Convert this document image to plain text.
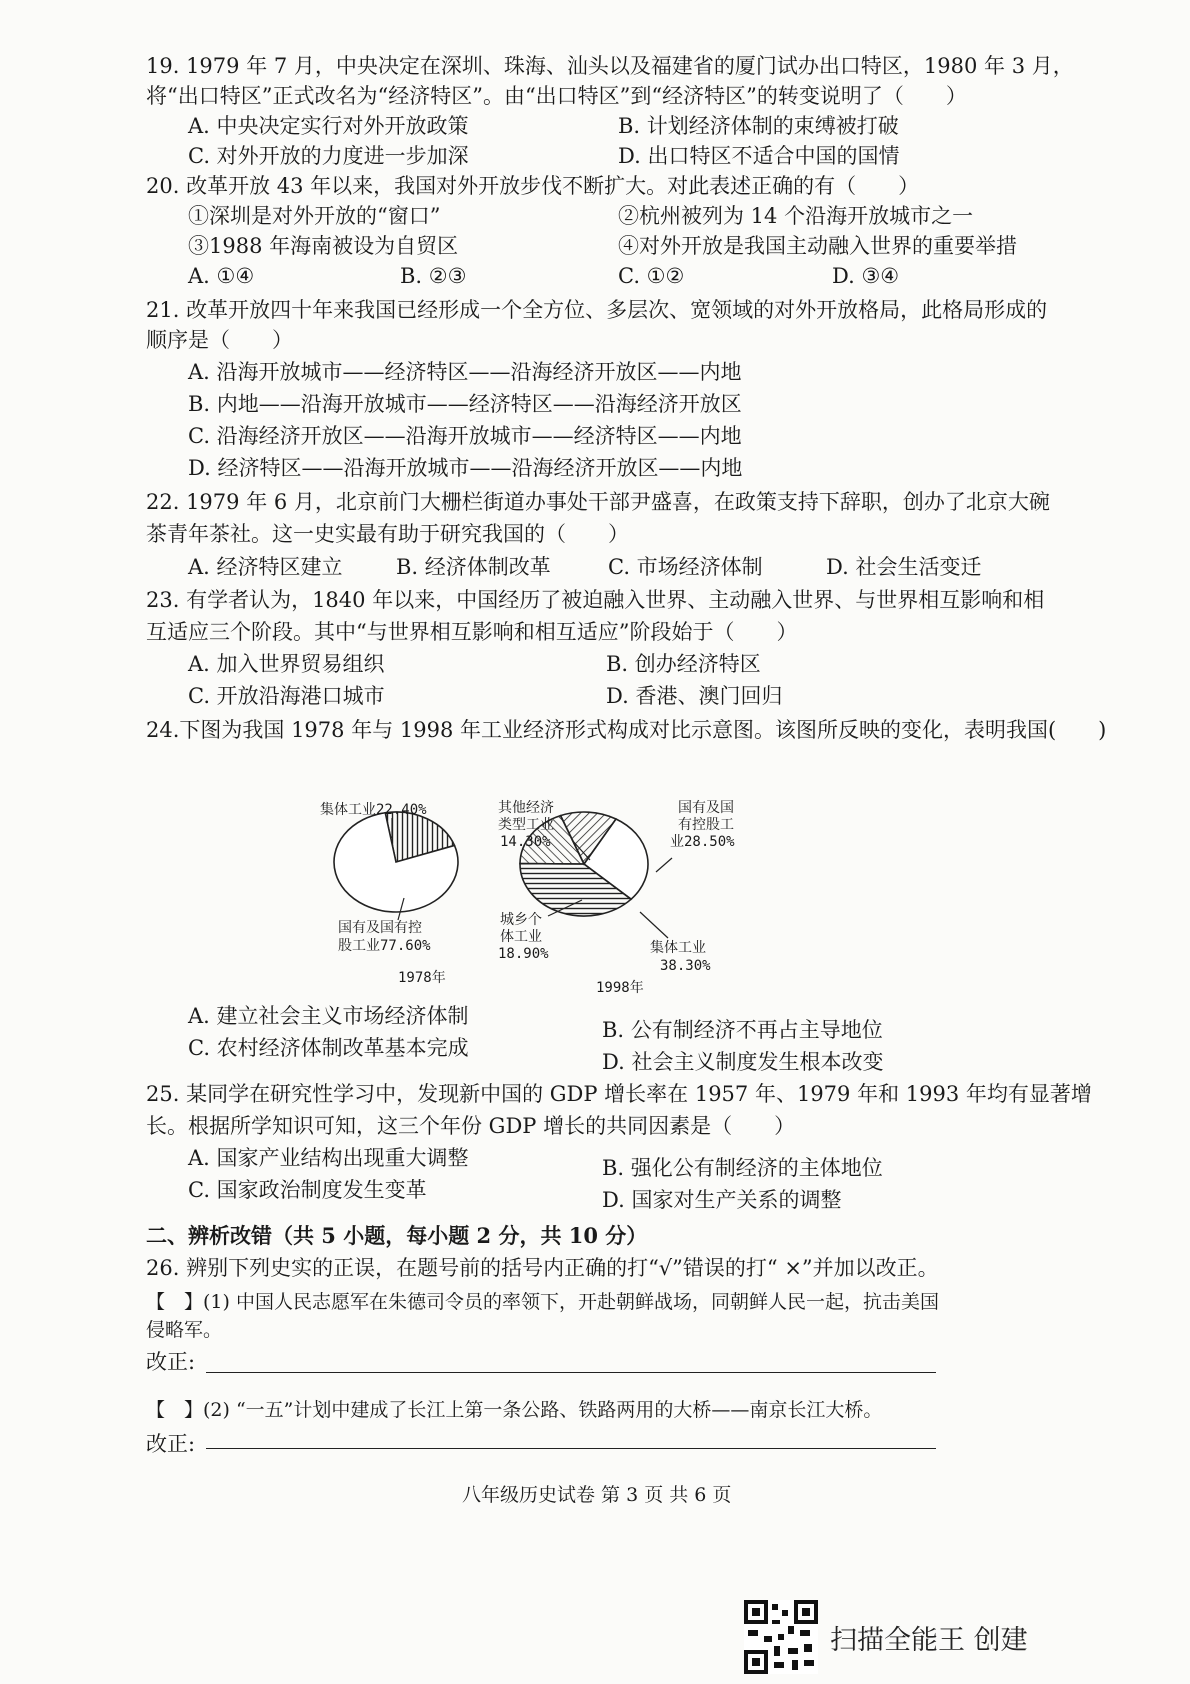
19. 1979 年 7 月，中央决定在深圳、珠海、汕头以及福建省的厦门试办出口特区，1980 年 3 月，
将“出口特区”正式改名为“经济特区”。由“出口特区”到“经济特区”的转变说明了（　　）
A. 中央决定实行对外开放政策	B. 计划经济体制的束缚被打破
C. 对外开放的力度进一步加深	D. 出口特区不适合中国的国情
20. 改革开放 43 年以来，我国对外开放步伐不断扩大。对此表述正确的有（　　）
①深圳是对外开放的“窗口”	②杭州被列为 14 个沿海开放城市之一
③1988 年海南被设为自贸区	④对外开放是我国主动融入世界的重要举措
A. ①④	B. ②③	C. ①②	D. ③④
21. 改革开放四十年来我国已经形成一个全方位、多层次、宽领域的对外开放格局，此格局形成的
顺序是（　　）
A. 沿海开放城市——经济特区——沿海经济开放区——内地
B. 内地——沿海开放城市——经济特区——沿海经济开放区
C. 沿海经济开放区——沿海开放城市——经济特区——内地
D. 经济特区——沿海开放城市——沿海经济开放区——内地
22. 1979 年 6 月，北京前门大栅栏街道办事处干部尹盛喜，在政策支持下辞职，创办了北京大碗
茶青年茶社。这一史实最有助于研究我国的（　　）
A. 经济特区建立	B. 经济体制改革	C. 市场经济体制	D. 社会生活变迁
23. 有学者认为，1840 年以来，中国经历了被迫融入世界、主动融入世界、与世界相互影响和相
互适应三个阶段。其中“与世界相互影响和相互适应”阶段始于（　　）
A. 加入世界贸易组织	B. 创办经济特区
C. 开放沿海港口城市	D. 香港、澳门回归
24.下图为我国 1978 年与 1998 年工业经济形式构成对比示意图。该图所反映的变化，表明我国(　　)
集体工业22.40%
国有及国有控 股工业77.60%
1978年
其他经济 类型工业 14.30%
国有及国 有控股工 业28.50%
城乡个 体工业 18.90%	集体工业 38.30%
1998年
A. 建立社会主义市场经济体制
B. 公有制经济不再占主导地位
C. 农村经济体制改革基本完成
D. 社会主义制度发生根本改变
25. 某同学在研究性学习中，发现新中国的 GDP 增长率在 1957 年、1979 年和 1993 年均有显著增
长。根据所学知识可知，这三个年份 GDP 增长的共同因素是（　　）
A. 国家产业结构出现重大调整	B. 强化公有制经济的主体地位
C. 国家政治制度发生变革	D. 国家对生产关系的调整
二、辨析改错（共 5 小题，每小题 2 分，共 10 分）
26. 辨别下列史实的正误，在题号前的括号内正确的打“√”错误的打“ ×”并加以改正。
【　】(1) 中国人民志愿军在朱德司令员的率领下，开赴朝鲜战场，同朝鲜人民一起，抗击美国
侵略军。
改正:
【　】(2) “一五”计划中建成了长江上第一条公路、铁路两用的大桥——南京长江大桥。
改正:
八年级历史试卷 第 3 页 共 6 页
扫描全能王 创建
